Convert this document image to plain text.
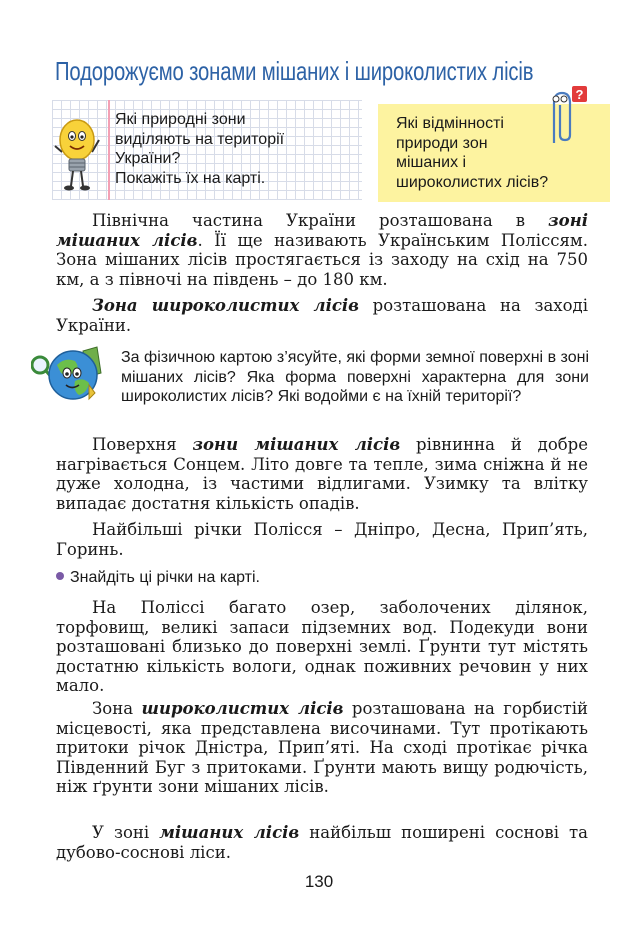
Подорожуємо зонами мішаних і широколистих лісів
Які природні зони
виділяють на території
України?
Покажіть їх на карті.
Які відмінності
природи зон
мішаних і
широколистих лісів?
?
Північна частина України розташована в зоні мішаних лісів. Її ще називають Українським Поліссям. Зона мішаних лісів простягається із заходу на схід на 750 км, а з півночі на південь – до 180 км.
Зона широколистих лісів розташована на заході України.
За фізичною картою з’ясуйте, які форми земної поверхні в зоні мішаних лісів? Яка форма поверхні характерна для зони широколистих лісів? Які водойми є на їхній території?
Поверхня зони мішаних лісів рівнинна й добре нагрівається Сонцем. Літо довге та тепле, зима сніжна й не дуже холодна, із частими відлигами. Узимку та влітку випадає достатня кількість опадів.
Найбільші річки Полісся – Дніпро, Десна, Прип’ять, Горинь.
Знайдіть ці річки на карті.
На Поліссі багато озер, заболочених ділянок, торфовищ, великі запаси підземних вод. Подекуди вони розташовані близько до поверхні землі. Ґрунти тут містять достатню кількість вологи, однак поживних речовин у них мало.
Зона широколистих лісів розташована на горбистій місцевості, яка представлена височинами. Тут протікають притоки річок Дністра, Прип’яті. На сході протікає річка Південний Буг з притоками. Ґрунти мають вищу родючість, ніж ґрунти зони мішаних лісів.
У зоні мішаних лісів найбільш поширені соснові та дубово-соснові ліси.
130
